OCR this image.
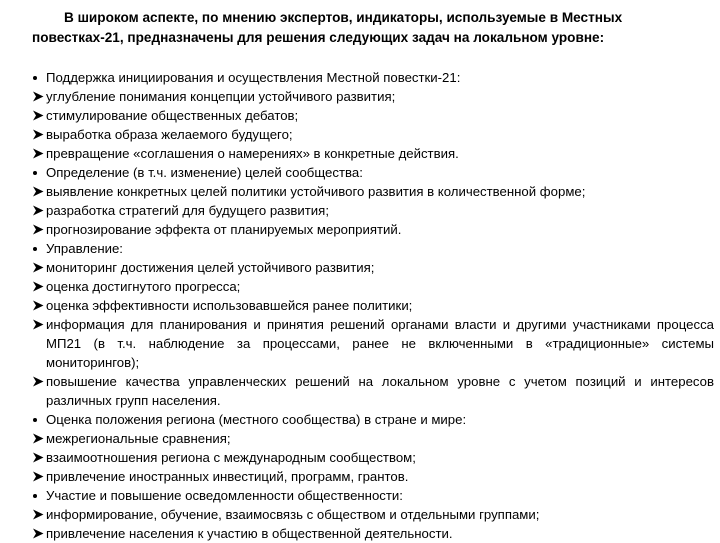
В широком аспекте, по мнению экспертов, индикаторы, используемые в Местных повестках-21, предназначены для решения следующих задач на локальном уровне:

Поддержка инициирования и осуществления Местной повестки-21:
углубление понимания концепции устойчивого развития;
стимулирование общественных дебатов;
выработка образа желаемого будущего;
превращение «соглашения о намерениях» в конкретные действия.
Определение (в т.ч. изменение) целей сообщества:
выявление конкретных целей политики устойчивого развития в количественной форме;
разработка стратегий для будущего развития;
прогнозирование эффекта от планируемых мероприятий.
Управление:
мониторинг достижения целей устойчивого развития;
оценка достигнутого прогресса;
оценка эффективности использовавшейся ранее политики;
информация для планирования и принятия решений органами власти и другими участниками процесса МП21 (в т.ч. наблюдение за процессами, ранее не включенными в «традиционные» системы мониторингов);
повышение качества управленческих решений на локальном уровне с учетом позиций и интересов различных групп населения.
Оценка положения региона (местного сообщества) в стране и мире:
межрегиональные сравнения;
взаимоотношения региона с международным сообществом;
привлечение иностранных инвестиций, программ, грантов.
Участие и повышение осведомленности общественности:
информирование, обучение, взаимосвязь с обществом и отдельными группами;
привлечение населения к участию в общественной деятельности.
